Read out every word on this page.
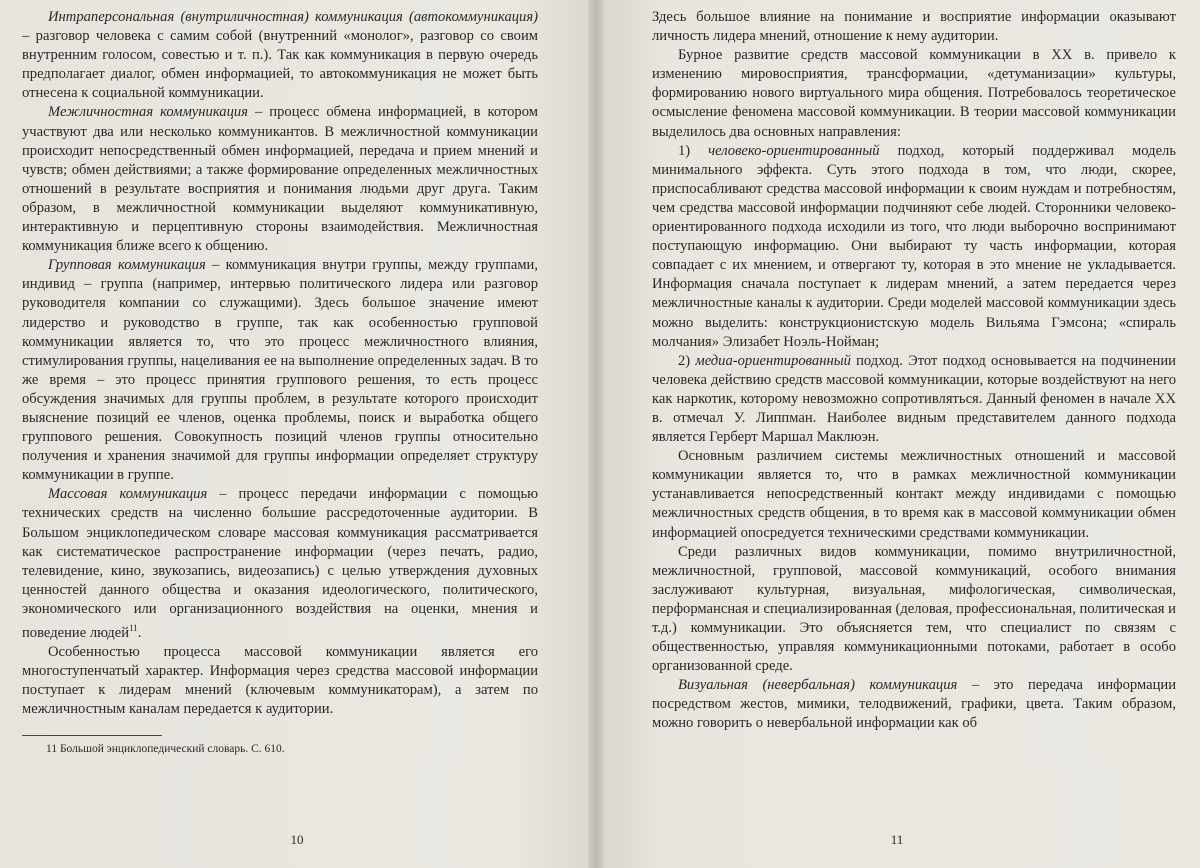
Интраперсональная (внутриличностная) коммуникация (автокоммуникация) – разговор человека с самим собой (внутренний «монолог», разговор со своим внутренним голосом, совестью и т. п.). Так как коммуникация в первую очередь предполагает диалог, обмен информацией, то автокоммуникация не может быть отнесена к социальной коммуникации.

Межличностная коммуникация – процесс обмена информацией, в котором участвуют два или несколько коммуникантов. В межличностной коммуникации происходит непосредственный обмен информацией, передача и прием мнений и чувств; обмен действиями; а также формирование определенных межличностных отношений в результате восприятия и понимания людьми друг друга. Таким образом, в межличностной коммуникации выделяют коммуникативную, интерактивную и перцептивную стороны взаимодействия. Межличностная коммуникация ближе всего к общению.

Групповая коммуникация – коммуникация внутри группы, между группами, индивид – группа (например, интервью политического лидера или разговор руководителя компании со служащими). Здесь большое значение имеют лидерство и руководство в группе, так как особенностью групповой коммуникации является то, что это процесс межличностного влияния, стимулирования группы, нацеливания ее на выполнение определенных задач. В то же время – это процесс принятия группового решения, то есть процесс обсуждения значимых для группы проблем, в результате которого происходит выяснение позиций ее членов, оценка проблемы, поиск и выработка общего группового решения. Совокупность позиций членов группы относительно получения и хранения значимой для группы информации определяет структуру коммуникации в группе.

Массовая коммуникация – процесс передачи информации с помощью технических средств на численно большие рассредоточенные аудитории. В Большом энциклопедическом словаре массовая коммуникация рассматривается как систематическое распространение информации (через печать, радио, телевидение, кино, звукозапись, видеозапись) с целью утверждения духовных ценностей данного общества и оказания идеологического, политического, экономического или организационного воздействия на оценки, мнения и поведение людей$^{11}$.

Особенностью процесса массовой коммуникации является его многоступенчатый характер. Информация через средства массовой информации поступает к лидерам мнений (ключевым коммуникаторам), а затем по межличностным каналам передается к аудитории.

11 Большой энциклопедический словарь. С. 610.

10

Здесь большое влияние на понимание и восприятие информации оказывают личность лидера мнений, отношение к нему аудитории.

Бурное развитие средств массовой коммуникации в XX в. привело к изменению мировосприятия, трансформации, «детуманизации» культуры, формированию нового виртуального мира общения. Потребовалось теоретическое осмысление феномена массовой коммуникации. В теории массовой коммуникации выделилось два основных направления:

1) человеко-ориентированный подход, который поддерживал модель минимального эффекта. Суть этого подхода в том, что люди, скорее, приспосабливают средства массовой информации к своим нуждам и потребностям, чем средства массовой информации подчиняют себе людей. Сторонники человеко-ориентированного подхода исходили из того, что люди выборочно воспринимают поступающую информацию. Они выбирают ту часть информации, которая совпадает с их мнением, и отвергают ту, которая в это мнение не укладывается. Информация сначала поступает к лидерам мнений, а затем передается через межличностные каналы к аудитории. Среди моделей массовой коммуникации здесь можно выделить: конструкционистскую модель Вильяма Гэмсона; «спираль молчания» Элизабет Ноэль-Нойман;

2) медиа-ориентированный подход. Этот подход основывается на подчинении человека действию средств массовой коммуникации, которые воздействуют на него как наркотик, которому невозможно сопротивляться. Данный феномен в начале XX в. отмечал У. Липпман. Наиболее видным представителем данного подхода является Герберт Маршал Маклюэн.

Основным различием системы межличностных отношений и массовой коммуникации является то, что в рамках межличностной коммуникации устанавливается непосредственный контакт между индивидами с помощью межличностных средств общения, в то время как в массовой коммуникации обмен информацией опосредуется техническими средствами коммуникации.

Среди различных видов коммуникации, помимо внутриличностной, межличностной, групповой, массовой коммуникаций, особого внимания заслуживают культурная, визуальная, мифологическая, символическая, перформансная и специализированная (деловая, профессиональная, политическая и т.д.) коммуникации. Это объясняется тем, что специалист по связям с общественностью, управляя коммуникационными потоками, работает в особо организованной среде.

Визуальная (невербальная) коммуникация – это передача информации посредством жестов, мимики, телодвижений, графики, цвета. Таким образом, можно говорить о невербальной информации как об

11
